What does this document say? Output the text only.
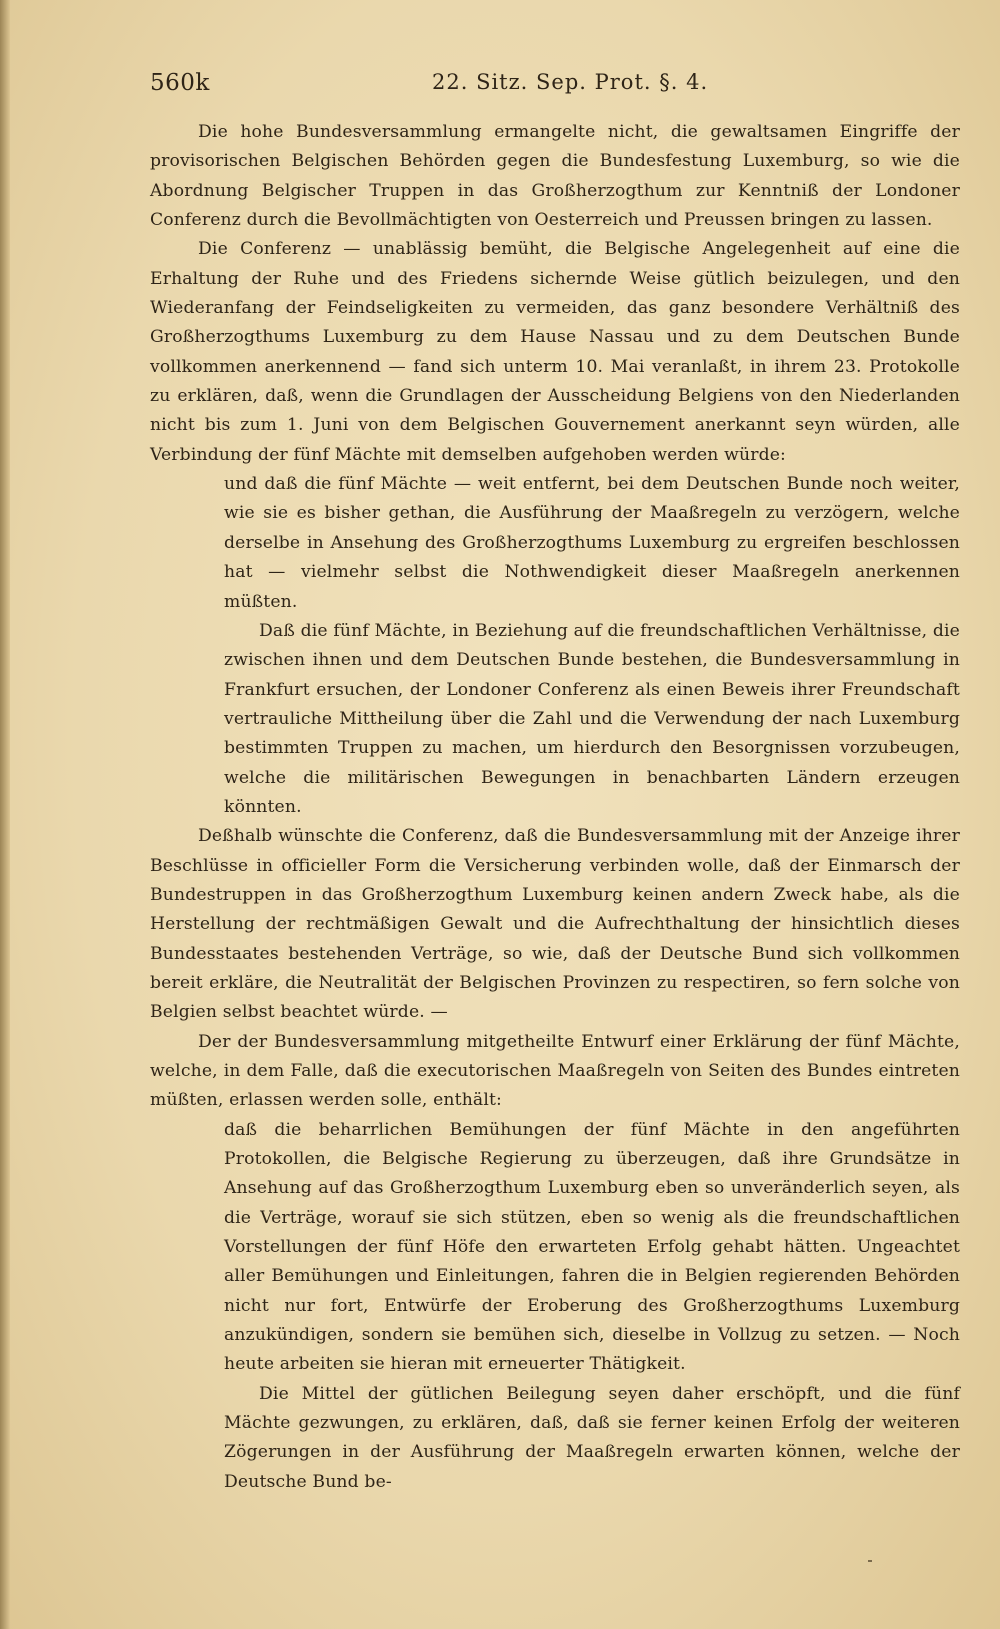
560k	22. Sitz. Sep. Prot. §. 4.

Die hohe Bundesversammlung ermangelte nicht, die gewaltsamen Eingriffe der provisorischen Belgischen Behörden gegen die Bundesfestung Luxemburg, so wie die Abordnung Belgischer Truppen in das Großherzogthum zur Kenntniß der Londoner Conferenz durch die Bevollmächtigten von Oesterreich und Preussen bringen zu lassen.

Die Conferenz — unablässig bemüht, die Belgische Angelegenheit auf eine die Erhaltung der Ruhe und des Friedens sichernde Weise gütlich beizulegen, und den Wiederanfang der Feindseligkeiten zu vermeiden, das ganz besondere Verhältniß des Großherzogthums Luxemburg zu dem Hause Nassau und zu dem Deutschen Bunde vollkommen anerkennend — fand sich unterm 10. Mai veranlaßt, in ihrem 23. Protokolle zu erklären, daß, wenn die Grundlagen der Ausscheidung Belgiens von den Niederlanden nicht bis zum 1. Juni von dem Belgischen Gouvernement anerkannt seyn würden, alle Verbindung der fünf Mächte mit demselben aufgehoben werden würde:

und daß die fünf Mächte — weit entfernt, bei dem Deutschen Bunde noch weiter, wie sie es bisher gethan, die Ausführung der Maaßregeln zu verzögern, welche derselbe in Ansehung des Großherzogthums Luxemburg zu ergreifen beschlossen hat — vielmehr selbst die Nothwendigkeit dieser Maaßregeln anerkennen müßten.

Daß die fünf Mächte, in Beziehung auf die freundschaftlichen Verhältnisse, die zwischen ihnen und dem Deutschen Bunde bestehen, die Bundesversammlung in Frankfurt ersuchen, der Londoner Conferenz als einen Beweis ihrer Freundschaft vertrauliche Mittheilung über die Zahl und die Verwendung der nach Luxemburg bestimmten Truppen zu machen, um hierdurch den Besorgnissen vorzubeugen, welche die militärischen Bewegungen in benachbarten Ländern erzeugen könnten.

Deßhalb wünschte die Conferenz, daß die Bundesversammlung mit der Anzeige ihrer Beschlüsse in officieller Form die Versicherung verbinden wolle, daß der Einmarsch der Bundestruppen in das Großherzogthum Luxemburg keinen andern Zweck habe, als die Herstellung der rechtmäßigen Gewalt und die Aufrechthaltung der hinsichtlich dieses Bundesstaates bestehenden Verträge, so wie, daß der Deutsche Bund sich vollkommen bereit erkläre, die Neutralität der Belgischen Provinzen zu respectiren, so fern solche von Belgien selbst beachtet würde. —

Der der Bundesversammlung mitgetheilte Entwurf einer Erklärung der fünf Mächte, welche, in dem Falle, daß die executorischen Maaßregeln von Seiten des Bundes eintreten müßten, erlassen werden solle, enthält:

daß die beharrlichen Bemühungen der fünf Mächte in den angeführten Protokollen, die Belgische Regierung zu überzeugen, daß ihre Grundsätze in Ansehung auf das Großherzogthum Luxemburg eben so unveränderlich seyen, als die Verträge, worauf sie sich stützen, eben so wenig als die freundschaftlichen Vorstellungen der fünf Höfe den erwarteten Erfolg gehabt hätten. Ungeachtet aller Bemühungen und Einleitungen, fahren die in Belgien regierenden Behörden nicht nur fort, Entwürfe der Eroberung des Großherzogthums Luxemburg anzukündigen, sondern sie bemühen sich, dieselbe in Vollzug zu setzen. — Noch heute arbeiten sie hieran mit erneuerter Thätigkeit.

Die Mittel der gütlichen Beilegung seyen daher erschöpft, und die fünf Mächte gezwungen, zu erklären, daß, daß sie ferner keinen Erfolg der weiteren Zögerungen in der Ausführung der Maaßregeln erwarten können, welche der Deutsche Bund be-
